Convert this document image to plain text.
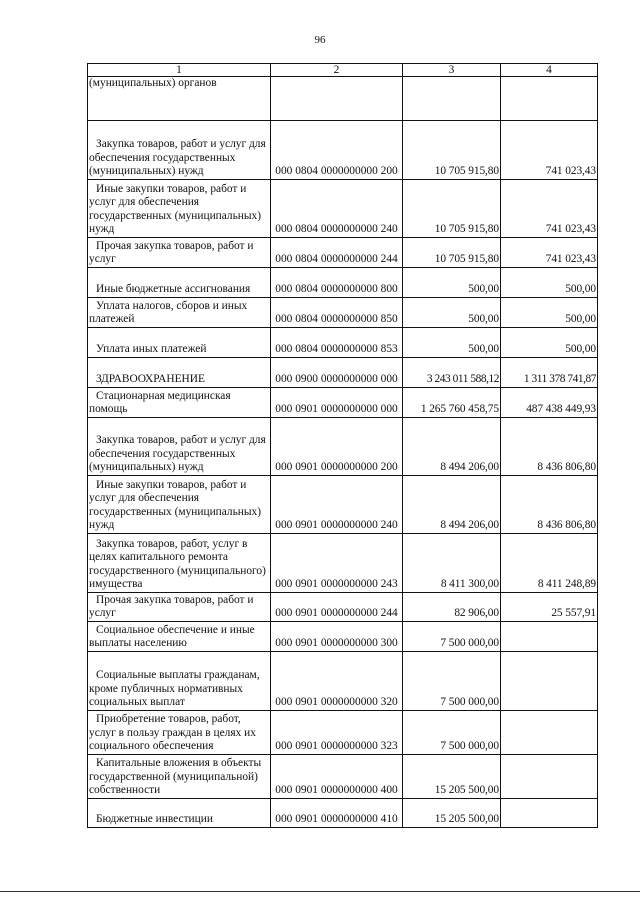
96
1	2	3	4
(муниципальных) органов			
Закупка товаров, работ и услуг для обеспечения государственных (муниципальных) нужд	000 0804 0000000000 200	10 705 915,80	741 023,43
Иные закупки товаров, работ и услуг для обеспечения государственных (муниципальных) нужд	000 0804 0000000000 240	10 705 915,80	741 023,43
Прочая закупка товаров, работ и услуг	000 0804 0000000000 244	10 705 915,80	741 023,43
Иные бюджетные ассигнования	000 0804 0000000000 800	500,00	500,00
Уплата налогов, сборов и иных платежей	000 0804 0000000000 850	500,00	500,00
Уплата иных платежей	000 0804 0000000000 853	500,00	500,00
ЗДРАВООХРАНЕНИЕ	000 0900 0000000000 000	3 243 011 588,12	1 311 378 741,87
Стационарная медицинская помощь	000 0901 0000000000 000	1 265 760 458,75	487 438 449,93
Закупка товаров, работ и услуг для обеспечения государственных (муниципальных) нужд	000 0901 0000000000 200	8 494 206,00	8 436 806,80
Иные закупки товаров, работ и услуг для обеспечения государственных (муниципальных) нужд	000 0901 0000000000 240	8 494 206,00	8 436 806,80
Закупка товаров, работ, услуг в целях капитального ремонта государственного (муниципального) имущества	000 0901 0000000000 243	8 411 300,00	8 411 248,89
Прочая закупка товаров, работ и услуг	000 0901 0000000000 244	82 906,00	25 557,91
Социальное обеспечение и иные выплаты населению	000 0901 0000000000 300	7 500 000,00	
Социальные выплаты гражданам, кроме публичных нормативных социальных выплат	000 0901 0000000000 320	7 500 000,00	
Приобретение товаров, работ, услуг в пользу граждан в целях их социального обеспечения	000 0901 0000000000 323	7 500 000,00	
Капитальные вложения в объекты государственной (муниципальной) собственности	000 0901 0000000000 400	15 205 500,00	
Бюджетные инвестиции	000 0901 0000000000 410	15 205 500,00	
